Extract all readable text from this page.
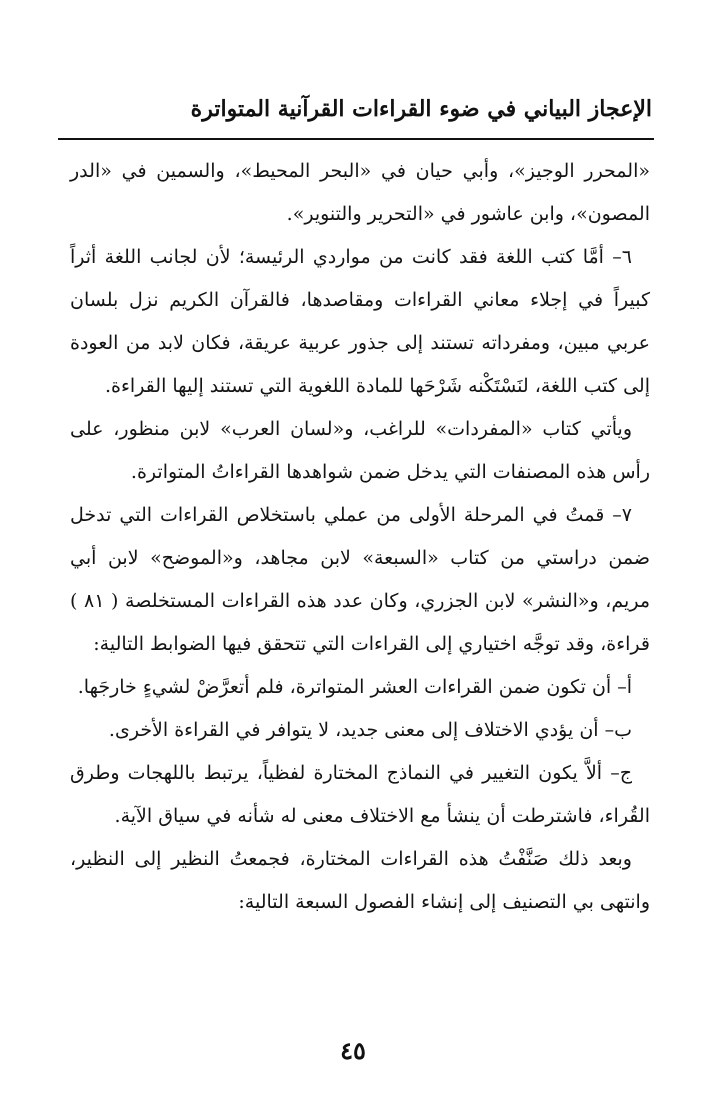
الإعجاز البياني في ضوء القراءات القرآنية المتواترة

«المحرر الوجيز»، وأبي حيان في «البحر المحيط»، والسمين في «الدر المصون»، وابن عاشور في «التحرير والتنوير».

٦– أمَّا كتب اللغة فقد كانت من مواردي الرئيسة؛ لأن لجانب اللغة أثراً كبيراً في إجلاء معاني القراءات ومقاصدها، فالقرآن الكريم نزل بلسان عربي مبين، ومفرداته تستند إلى جذور عربية عريقة، فكان لابد من العودة إلى كتب اللغة، لنَسْتَكْنه شَرْحَها للمادة اللغوية التي تستند إليها القراءة.

ويأتي كتاب «المفردات» للراغب، و«لسان العرب» لابن منظور، على رأس هذه المصنفات التي يدخل ضمن شواهدها القراءاتُ المتواترة.

٧– قمتُ في المرحلة الأولى من عملي باستخلاص القراءات التي تدخل ضمن دراستي من كتاب «السبعة» لابن مجاهد، و«الموضح» لابن أبي مريم، و«النشر» لابن الجزري، وكان عدد هذه القراءات المستخلصة ( ٨١ ) قراءة، وقد توجَّه اختياري إلى القراءات التي تتحقق فيها الضوابط التالية:

أ– أن تكون ضمن القراءات العشر المتواترة، فلم أتعرَّضْ لشيءٍ خارجَها.

ب– أن يؤدي الاختلاف إلى معنى جديد، لا يتوافر في القراءة الأخرى.

ج– ألاَّ يكون التغيير في النماذج المختارة لفظياً، يرتبط باللهجات وطرق القُراء، فاشترطت أن ينشأ مع الاختلاف معنى له شأنه في سياق الآية.

وبعد ذلك صَنَّفْتُ هذه القراءات المختارة، فجمعتُ النظير إلى النظير، وانتهى بي التصنيف إلى إنشاء الفصول السبعة التالية:

٤٥
